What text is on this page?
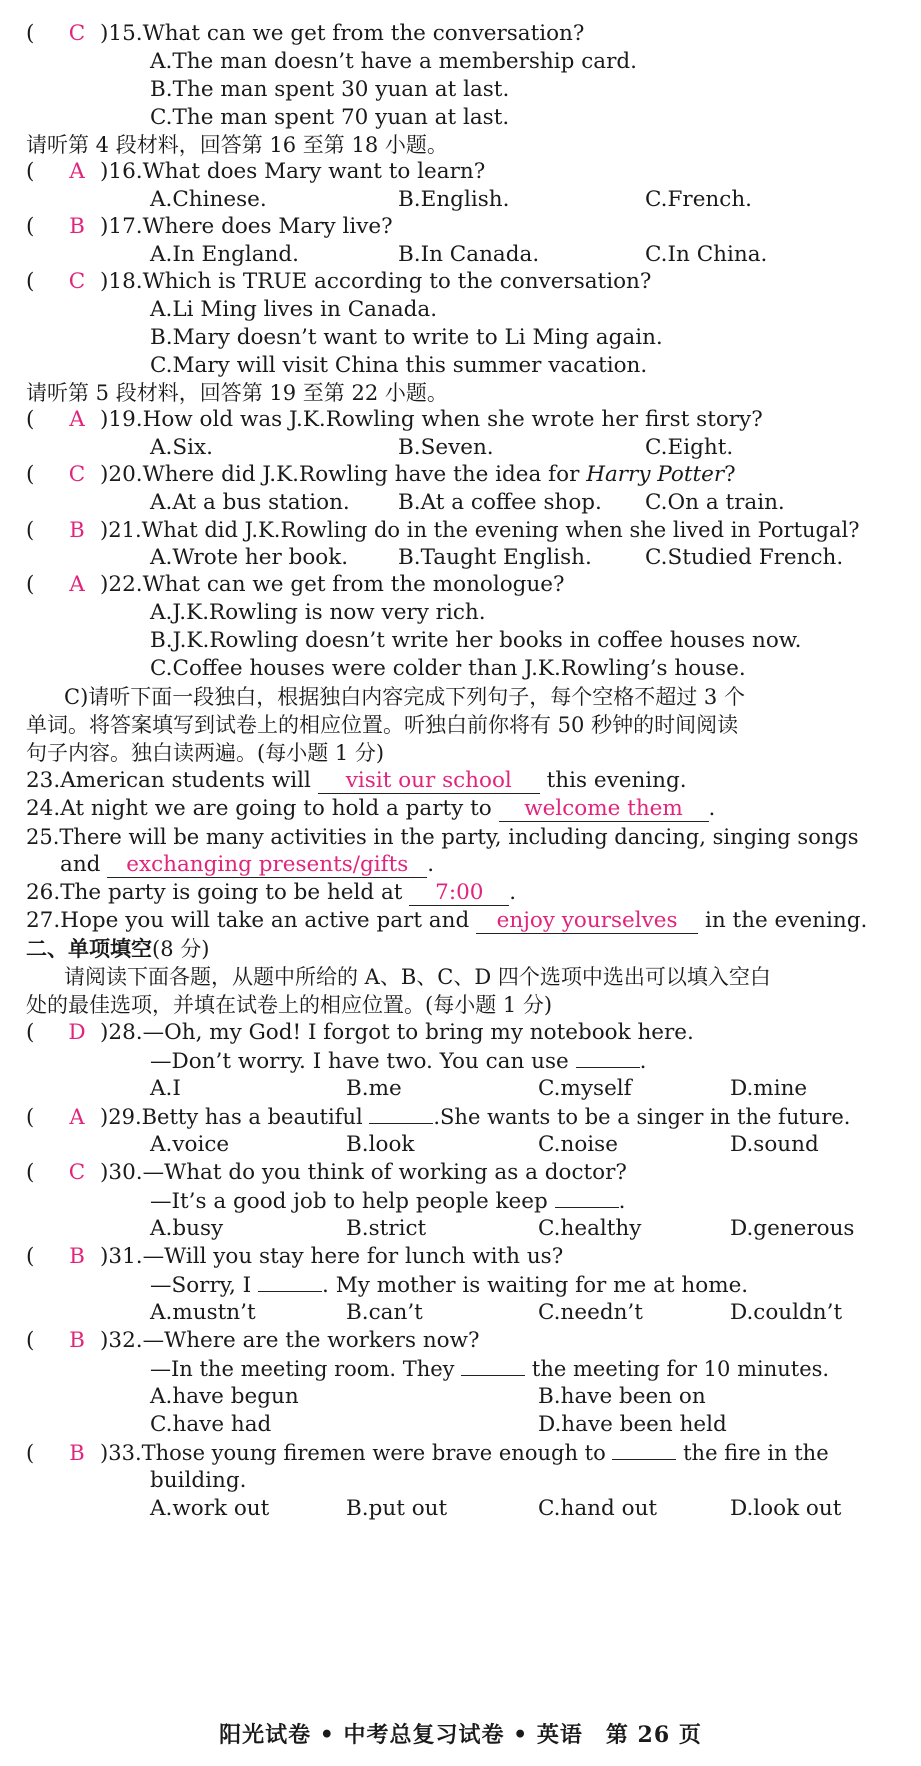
( C )15.What can we get from the conversation?
A.The man doesn’t have a membership card.
B.The man spent 30 yuan at last.
C.The man spent 70 yuan at last.
请听第 4 段材料，回答第 16 至第 18 小题。
( A )16.What does Mary want to learn?
A.Chinese.	B.English.	C.French.
( B )17.Where does Mary live?
A.In England.	B.In Canada.	C.In China.
( C )18.Which is TRUE according to the conversation?
A.Li Ming lives in Canada.
B.Mary doesn’t want to write to Li Ming again.
C.Mary will visit China this summer vacation.
请听第 5 段材料，回答第 19 至第 22 小题。
( A )19.How old was J.K.Rowling when she wrote her first story?
A.Six.	B.Seven.	C.Eight.
( C )20.Where did J.K.Rowling have the idea for Harry Potter?
A.At a bus station. B.At a coffee shop. C.On a train.
( B )21.What did J.K.Rowling do in the evening when she lived in Portugal?
A.Wrote her book. B.Taught English. C.Studied French.
( A )22.What can we get from the monologue?
A.J.K.Rowling is now very rich.
B.J.K.Rowling doesn’t write her books in coffee houses now.
C.Coffee houses were colder than J.K.Rowling’s house.
C)请听下面一段独白，根据独白内容完成下列句子，每个空格不超过 3 个
单词。将答案填写到试卷上的相应位置。听独白前你将有 50 秒钟的时间阅读
句子内容。独白读两遍。(每小题 1 分)
23.American students will visit our school this evening.
24.At night we are going to hold a party to welcome them .
25.There will be many activities in the party, including dancing, singing songs
and exchanging presents/gifts .
26.The party is going to be held at 7:00 .
27.Hope you will take an active part and enjoy yourselves in the evening.
二、单项填空(8 分)
请阅读下面各题，从题中所给的 A、B、C、D 四个选项中选出可以填入空白
处的最佳选项，并填在试卷上的相应位置。(每小题 1 分)
( D )28.—Oh, my God! I forgot to bring my notebook here.
—Don’t worry. I have two. You can use	.
A.I	B.me	C.myself	D.mine
( A )29.Betty has a beautiful	.She wants to be a singer in the future.
A.voice	B.look	C.noise	D.sound
( C )30.—What do you think of working as a doctor?
—It’s a good job to help people keep	.
A.busy	B.strict	C.healthy	D.generous
( B )31.—Will you stay here for lunch with us?
—Sorry, I	. My mother is waiting for me at home.
A.mustn’t	B.can’t	C.needn’t	D.couldn’t
( B )32.—Where are the workers now?
—In the meeting room. They	the meeting for 10 minutes.
A.have begun	B.have been on
C.have had	D.have been held
( B )33.Those young firemen were brave enough to	the fire in the
building.
A.work out	B.put out	C.hand out	D.look out
阳光试卷 • 中考总复习试卷 • 英语　第 26 页
